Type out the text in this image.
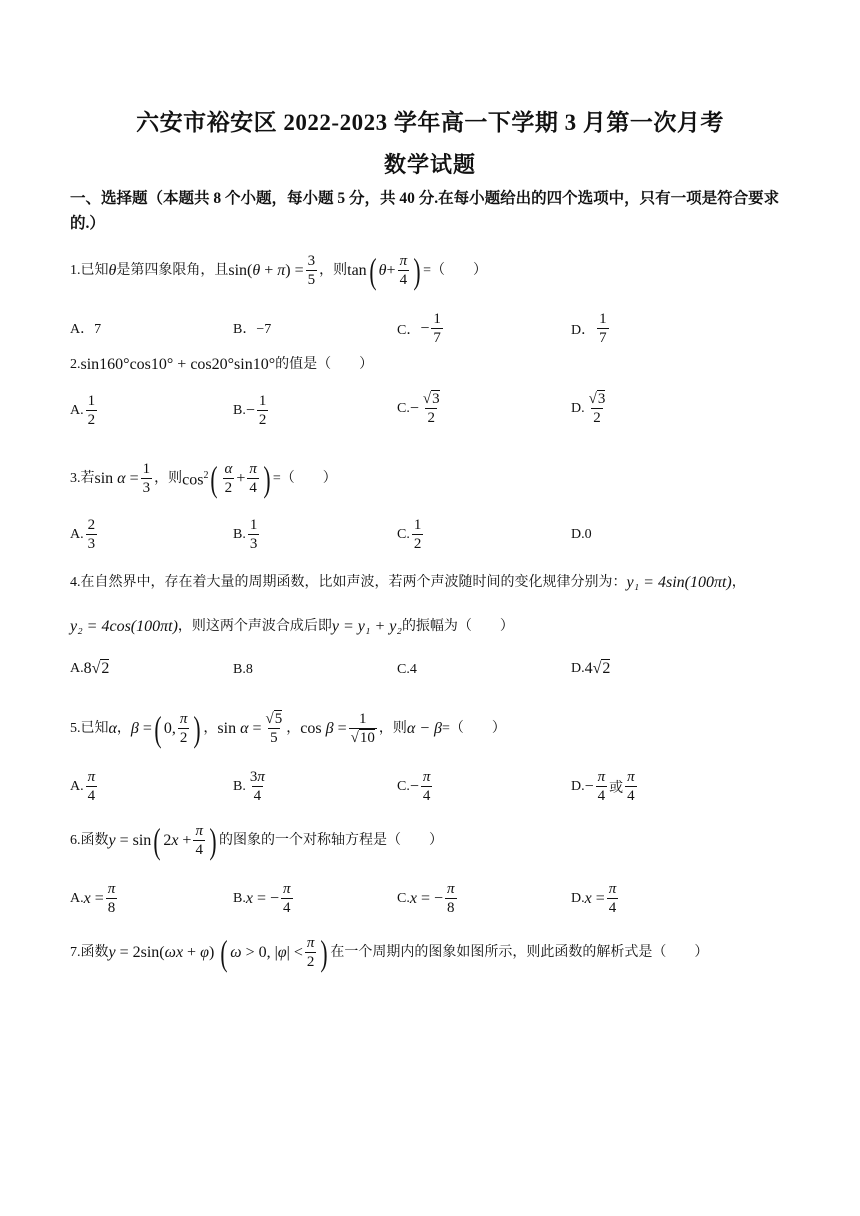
六安市裕安区 2022-2023 学年高一下学期 3 月第一次月考
数学试题
一、选择题（本题共 8 个小题，每小题 5 分，共 40 分.在每小题给出的四个选项中，只有一项是符合要求的.）
1.已知 θ 是第四象限角，且 $\sin(\theta + \pi) = \frac{3}{5}$ ，则 tan ( $\theta + \frac{\pi}{4}$ ) =（　　）
A．7	B．−7	C． − $\frac{1}{7}$	D． $\frac{1}{7}$
2. sin160°cos10° + cos20°sin10° 的值是（　　）
A. $\frac{1}{2}$	B. − $\frac{1}{2}$	C. − $\frac{√3}{2}$	D. $\frac{√3}{2}$
3.若 $\sin \alpha = \frac{1}{3}$ ，则 $\cos^2$ ( $\frac{\alpha}{2} + \frac{\pi}{4}$ ) =（　　）
A. $\frac{2}{3}$	B. $\frac{1}{3}$	C. $\frac{1}{2}$	D.0
4.在自然界中，存在着大量的周期函数，比如声波，若两个声波随时间的变化规律分别为： y₁ = 4sin(100πt) ，
y₂ = 4cos(100πt) ，则这两个声波合成后即 y = y₁ + y₂ 的振幅为（　　）
A. 8√2	B.8	C.4	D. 4√2
5.已知 α ， β = ( 0, $\frac{\pi}{2}$ ) ， $\sin \alpha = \frac{√5}{5}$ ， $\cos \beta = \frac{1}{√10}$ ，则 α − β =（　　）
A. $\frac{\pi}{4}$	B. $\frac{3\pi}{4}$	C. − $\frac{\pi}{4}$	D. − $\frac{\pi}{4}$ 或 $\frac{\pi}{4}$
6.函数 y = sin ( $2x + \frac{\pi}{4}$ ) 的图象的一个对称轴方程是（　　）
A. $x = \frac{\pi}{8}$	B. x = − $\frac{\pi}{4}$	C. x = − $\frac{\pi}{8}$	D. $x = \frac{\pi}{4}$
7.函数 y = 2sin(ωx + φ) ( ω > 0, $|\varphi| < \frac{\pi}{2}$ ) 在一个周期内的图象如图所示，则此函数的解析式是（　　）
